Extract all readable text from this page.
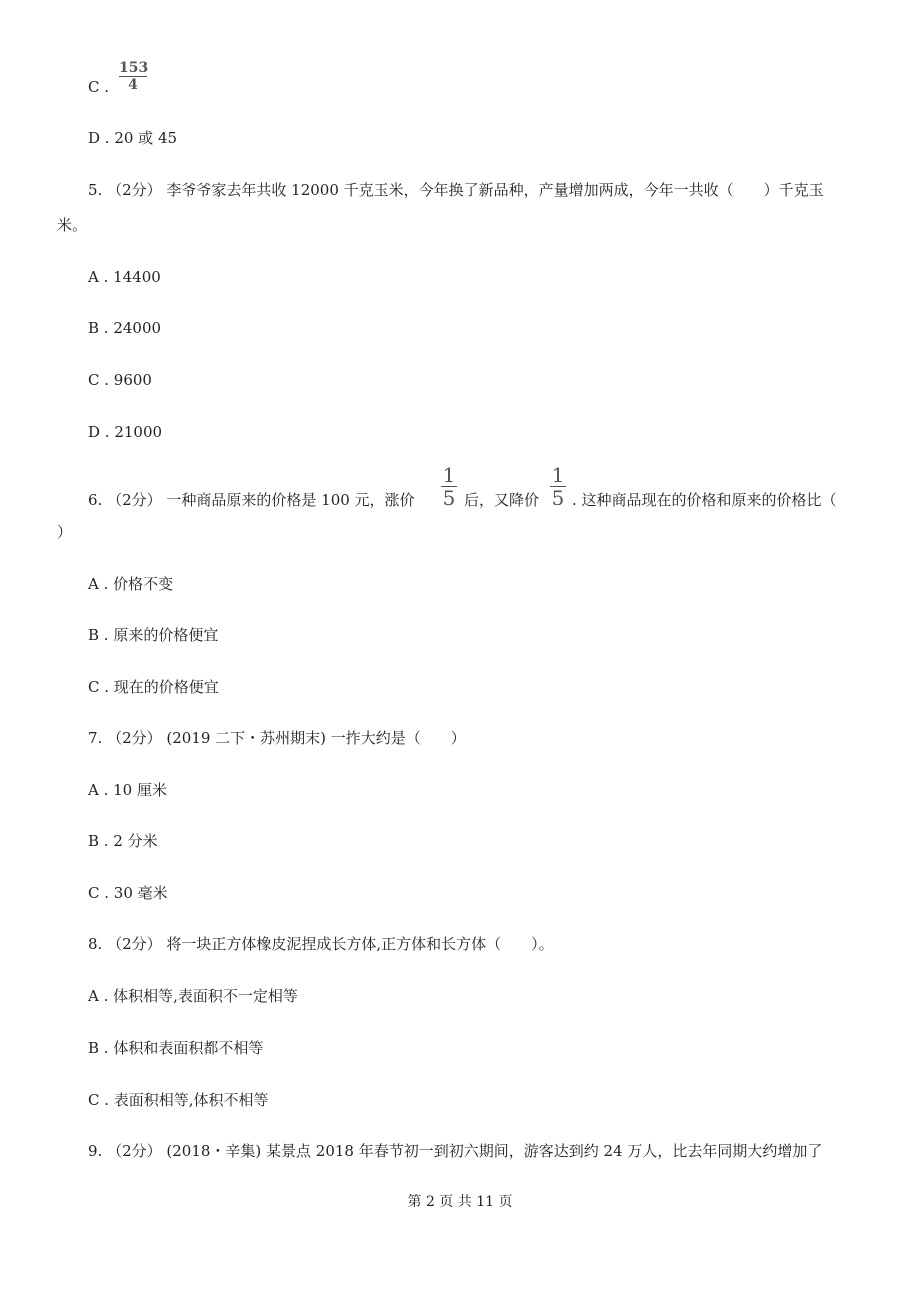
C .
153
4
D . 20 或 45
5. （2分） 李爷爷家去年共收 12000 千克玉米，今年换了新品种，产量增加两成，今年一共收（　　）千克玉
米。
A . 14400
B . 24000
C . 9600
D . 21000
6. （2分） 一种商品原来的价格是 100 元，涨价
1
5 后，又降价
1
5 . 这种商品现在的价格和原来的价格比（
）
A . 价格不变
B . 原来的价格便宜
C . 现在的价格便宜
7. （2分） (2019 二下・苏州期末) 一拃大约是（　　）
A . 10 厘米
B . 2 分米
C . 30 毫米
8. （2分） 将一块正方体橡皮泥捏成长方体,正方体和长方体（　　）。
A . 体积相等,表面积不一定相等
B . 体积和表面积都不相等
C . 表面积相等,体积不相等
9. （2分） (2018・辛集) 某景点 2018 年春节初一到初六期间，游客达到约 24 万人，比去年同期大约增加了
第 2 页 共 11 页
